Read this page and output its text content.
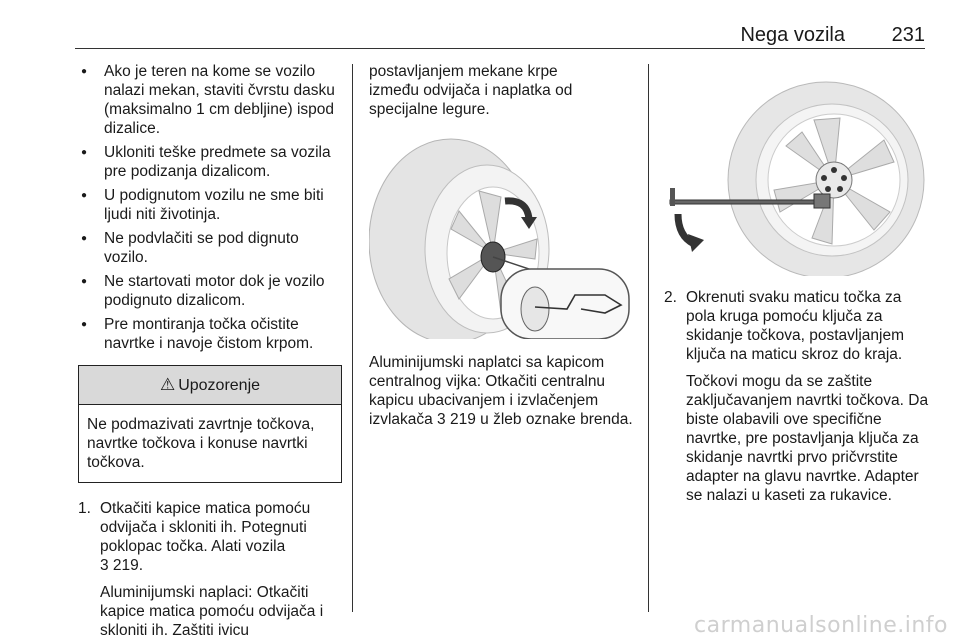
Nega vozila 231
● Ako je teren na kome se vozilo nalazi mekan, staviti čvrstu dasku (maksimalno 1 cm debljine) ispod dizalice.
● Ukloniti teške predmete sa vozila pre podizanja dizalicom.
● U podignutom vozilu ne sme biti ljudi niti životinja.
● Ne podvlačiti se pod dignuto vozilo.
● Ne startovati motor dok je vozilo podignuto dizalicom.
● Pre montiranja točka očistite navrtke i navoje čistom krpom.
⚠ Upozorenje
Ne podmazivati zavrtnje točkova, navrtke točkova i konuse navrtki točkova.
1. Otkačiti kapice matica pomoću odvijača i skloniti ih. Potegnuti poklopac točka. Alati vozila
3 219.
Aluminijumski naplaci: Otkačiti kapice matica pomoću odvijača i skloniti ih. Zaštiti ivicu
postavljanjem mekane krpe između odvijača i naplatka od specijalne legure.
Aluminijumski naplatci sa kapicom centralnog vijka: Otkačiti centralnu kapicu ubacivanjem i izvlačenjem izvlakača 3 219 u žleb oznake brenda.
2. Okrenuti svaku maticu točka za pola kruga pomoću ključa za skidanje točkova, postavljanjem ključa na maticu skroz do kraja.
Točkovi mogu da se zaštite zaključavanjem navrtki točkova. Da biste olabavili ove specifične navrtke, pre postavljanja ključa za skidanje navrtki prvo pričvrstite adapter na glavu navrtke. Adapter se nalazi u kaseti za rukavice.
carmanualsonline.info
